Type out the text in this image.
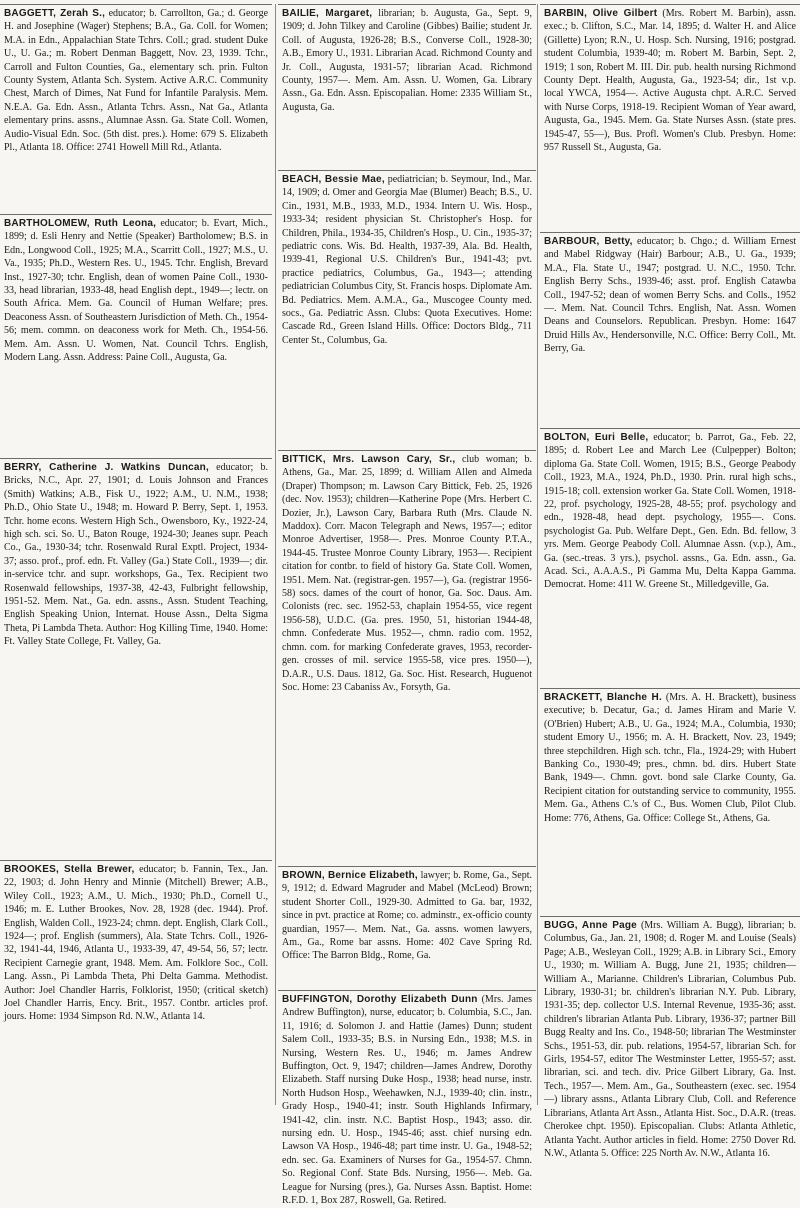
BAGGETT, Zerah S., educator; b. Carrollton, Ga.; d. George H. and Josephine (Wager) Stephens; B.A., Ga. Coll. for Women; M.A. in Edn., Appalachian State Tchrs. Coll.; grad. student Duke U., U. Ga.; m. Robert Denman Baggett, Nov. 23, 1939. Tchr., Carroll and Fulton Counties, Ga., elementary sch. prin. Fulton County System, Atlanta Sch. System. Active A.R.C. Community Chest, March of Dimes, Nat Fund for Infantile Paralysis. Mem. N.E.A. Ga. Edn. Assn., Atlanta Tchrs. Assn., Nat Ga., Atlanta elementary prins. assns., Alumnae Assn. Ga. State Coll. Women, Audio-Visual Edn. Soc. (5th dist. pres.). Home: 679 S. Elizabeth Pl., Atlanta 18. Office: 2741 Howell Mill Rd., Atlanta.

BARTHOLOMEW, Ruth Leona, educator; b. Evart, Mich., 1899; d. Esli Henry and Nettie (Speaker) Bartholomew; B.S. in Edn., Longwood Coll., 1925; M.A., Scarritt Coll., 1927; M.S., U. Va., 1935; Ph.D., Western Res. U., 1945. Tchr. English, Brevard Inst., 1927-30; tchr. English, dean of women Paine Coll., 1930-33, head librarian, 1933-48, head English dept., 1949—; lectr. on South Africa. Mem. Ga. Council of Human Welfare; pres. Deaconess Assn. of Southeastern Jurisdiction of Meth. Ch., 1954-56; mem. commn. on deaconess work for Meth. Ch., 1954-56. Mem. Am. Assn. U. Women, Nat. Council Tchrs. English, Modern Lang. Assn. Address: Paine Coll., Augusta, Ga.

BERRY, Catherine J. Watkins Duncan, educator; b. Bricks, N.C., Apr. 27, 1901; d. Louis Johnson and Frances (Smith) Watkins; A.B., Fisk U., 1922; A.M., U. N.M., 1938; Ph.D., Ohio State U., 1948; m. Howard P. Berry, Sept. 1, 1953. Tchr. home econs. Western High Sch., Owensboro, Ky., 1922-24, high sch. sci. So. U., Baton Rouge, 1924-30; Jeanes supr. Peach Co., Ga., 1930-34; tchr. Rosenwald Rural Exptl. Project, 1934-37; asso. prof., prof. edn. Ft. Valley (Ga.) State Coll., 1939—; dir. in-service tchr. and supr. workshops, Ga., Tex. Recipient two Rosenwald fellowships, 1937-38, 42-43, Fulbright fellowship, 1951-52. Mem. Nat., Ga. edn. assns., Assn. Student Teaching, English Speaking Union, Internat. House Assn., Delta Sigma Theta, Pi Lambda Theta. Author: Hog Killing Time, 1940. Home: Ft. Valley State College, Ft. Valley, Ga.

BROOKES, Stella Brewer, educator; b. Fannin, Tex., Jan. 22, 1903; d. John Henry and Minnie (Mitchell) Brewer; A.B., Wiley Coll., 1923; A.M., U. Mich., 1930; Ph.D., Cornell U., 1946; m. E. Luther Brookes, Nov. 28, 1928 (dec. 1944). Prof. English, Walden Coll., 1923-24; chmn. dept. English, Clark Coll., 1924—; prof. English (summers), Ala. State Tchrs. Coll., 1926-32, 1941-44, 1946, Atlanta U., 1933-39, 47, 49-54, 56, 57; lectr. Recipient Carnegie grant, 1948. Mem. Am. Folklore Soc., Coll. Lang. Assn., Pi Lambda Theta, Phi Delta Gamma. Methodist. Author: Joel Chandler Harris, Folklorist, 1950; (critical sketch) Joel Chandler Harris, Ency. Brit., 1957. Contbr. articles prof. jours. Home: 1934 Simpson Rd. N.W., Atlanta 14.

BAILIE, Margaret, librarian; b. Augusta, Ga., Sept. 9, 1909; d. John Tilkey and Caroline (Gibbes) Bailie; student Jr. Coll. of Augusta, 1926-28; B.S., Converse Coll., 1928-30; A.B., Emory U., 1931. Librarian Acad. Richmond County and Jr. Coll., Augusta, 1931-57; librarian Acad. Richmond County, 1957—. Mem. Am. Assn. U. Women, Ga. Library Assn., Ga. Edn. Assn. Episcopalian. Home: 2335 William St., Augusta, Ga.

BEACH, Bessie Mae, pediatrician; b. Seymour, Ind., Mar. 14, 1909; d. Omer and Georgia Mae (Blumer) Beach; B.S., U. Cin., 1931, M.B., 1933, M.D., 1934. Intern U. Wis. Hosp., 1933-34; resident physician St. Christopher's Hosp. for Children, Phila., 1934-35, Children's Hosp., U. Cin., 1935-37; pediatric cons. Wis. Bd. Health, 1937-39, Ala. Bd. Health, 1939-41, Regional U.S. Children's Bur., 1941-43; pvt. practice pediatrics, Columbus, Ga., 1943—; attending pediatrician Columbus City, St. Francis hosps. Diplomate Am. Bd. Pediatrics. Mem. A.M.A., Ga., Muscogee County med. socs., Ga. Pediatric Assn. Clubs: Quota Executives. Home: Cascade Rd., Green Island Hills. Office: Doctors Bldg., 711 Center St., Columbus, Ga.

BITTICK, Mrs. Lawson Cary, Sr., club woman; b. Athens, Ga., Mar. 25, 1899; d. William Allen and Almeda (Draper) Thompson; m. Lawson Cary Bittick, Feb. 25, 1926 (dec. Nov. 1953); children—Katherine Pope (Mrs. Herbert C. Dozier, Jr.), Lawson Cary, Barbara Ruth (Mrs. Claude N. Maddox). Corr. Macon Telegraph and News, 1957—; editor Monroe Advertiser, 1958—. Pres. Monroe County P.T.A., 1944-45. Trustee Monroe County Library, 1953—. Recipient citation for contbr. to field of history Ga. State Coll. Women, 1951. Mem. Nat. (registrar-gen. 1957—), Ga. (registrar 1956-58) socs. dames of the court of honor, Ga. Soc. Daus. Am. Colonists (rec. sec. 1952-53, chaplain 1954-55, vice regent 1956-58), U.D.C. (Ga. pres. 1950, 51, historian 1944-48, chmn. Confederate Mus. 1952—, chmn. radio com. 1952, chmn. com. for marking Confederate graves, 1953, recorder-gen. crosses of mil. service 1955-58, vice pres. 1950—), D.A.R., U.S. Daus. 1812, Ga. Soc. Hist. Research, Huguenot Soc. Home: 23 Cabaniss Av., Forsyth, Ga.

BROWN, Bernice Elizabeth, lawyer; b. Rome, Ga., Sept. 9, 1912; d. Edward Magruder and Mabel (McLeod) Brown; student Shorter Coll., 1929-30. Admitted to Ga. bar, 1932, since in pvt. practice at Rome; co. adminstr., ex-officio county guardian, 1957—. Mem. Nat., Ga. assns. women lawyers, Am., Ga., Rome bar assns. Home: 402 Cave Spring Rd. Office: The Barron Bldg., Rome, Ga.

BUFFINGTON, Dorothy Elizabeth Dunn (Mrs. James Andrew Buffington), nurse, educator; b. Columbia, S.C., Jan. 11, 1916; d. Solomon J. and Hattie (James) Dunn; student Salem Coll., 1933-35; B.S. in Nursing Edn., 1938; M.S. in Nursing, Western Res. U., 1946; m. James Andrew Buffington, Oct. 9, 1947; children—James Andrew, Dorothy Elizabeth. Staff nursing Duke Hosp., 1938; head nurse, instr. North Hudson Hosp., Weehawken, N.J., 1939-40; clin. instr., Grady Hosp., 1940-41; instr. South Highlands Infirmary, 1941-42, clin. instr. N.C. Baptist Hosp., 1943; asso. dir. nursing edn. U. Hosp., 1945-46; asst. chief nursing edn. Lawson VA Hosp., 1946-48; part time instr. U. Ga., 1948-52; edn. sec. Ga. Examiners of Nurses for Ga., 1954-57. Chmn. So. Regional Conf. State Bds. Nursing, 1956—. Meb. Ga. League for Nursing (pres.), Ga. Nurses Assn. Baptist. Home: R.F.D. 1, Box 287, Roswell, Ga. Retired.

BARBIN, Olive Gilbert (Mrs. Robert M. Barbin), assn. exec.; b. Clifton, S.C., Mar. 14, 1895; d. Walter H. and Alice (Gillette) Lyon; R.N., U. Hosp. Sch. Nursing, 1916; postgrad. student Columbia, 1939-40; m. Robert M. Barbin, Sept. 2, 1919; 1 son, Robert M. III. Dir. pub. health nursing Richmond County Dept. Health, Augusta, Ga., 1923-54; dir., 1st v.p. local YWCA, 1954—. Active Augusta chpt. A.R.C. Served with Nurse Corps, 1918-19. Recipient Woman of Year award, Augusta, Ga., 1945. Mem. Ga. State Nurses Assn. (state pres. 1945-47, 55—), Bus. Profl. Women's Club. Presbyn. Home: 957 Russell St., Augusta, Ga.

BARBOUR, Betty, educator; b. Chgo.; d. William Ernest and Mabel Ridgway (Hair) Barbour; A.B., U. Ga., 1939; M.A., Fla. State U., 1947; postgrad. U. N.C., 1950. Tchr. English Berry Schs., 1939-46; asst. prof. English Catawba Coll., 1947-52; dean of women Berry Schs. and Colls., 1952—. Mem. Nat. Council Tchrs. English, Nat. Assn. Women Deans and Counselors. Republican. Presbyn. Home: 1647 Druid Hills Av., Hendersonville, N.C. Office: Berry Coll., Mt. Berry, Ga.

BOLTON, Euri Belle, educator; b. Parrot, Ga., Feb. 22, 1895; d. Robert Lee and March Lee (Culpepper) Bolton; diploma Ga. State Coll. Women, 1915; B.S., George Peabody Coll., 1923, M.A., 1924, Ph.D., 1930. Prin. rural high schs., 1915-18; coll. extension worker Ga. State Coll. Women, 1918-22, prof. psychology, 1925-28, 48-55; prof. psychology and edn., 1928-48, head dept. psychology, 1955—. Cons. psychologist Ga. Pub. Welfare Dept., Gen. Edn. Bd. fellow, 3 yrs. Mem. George Peabody Coll. Alumnae Assn. (v.p.), Am., Ga. (sec.-treas. 3 yrs.), psychol. assns., Ga. Edn. assn., Ga. Acad. Sci., A.A.A.S., Pi Gamma Mu, Delta Kappa Gamma. Democrat. Home: 411 W. Greene St., Milledgeville, Ga.

BRACKETT, Blanche H. (Mrs. A. H. Brackett), business executive; b. Decatur, Ga.; d. James Hiram and Marie V. (O'Brien) Hubert; A.B., U. Ga., 1924; M.A., Columbia, 1930; student Emory U., 1956; m. A. H. Brackett, Nov. 23, 1949; three stepchildren. High sch. tchr., Fla., 1924-29; with Hubert Banking Co., 1930-49; pres., chmn. bd. dirs. Hubert State Bank, 1949—. Chmn. govt. bond sale Clarke County, Ga. Recipient citation for outstanding service to community, 1955. Mem. Ga., Athens C.'s of C., Bus. Women Club, Pilot Club. Home: 776, Athens, Ga. Office: College St., Athens, Ga.

BUGG, Anne Page (Mrs. William A. Bugg), librarian; b. Columbus, Ga., Jan. 21, 1908; d. Roger M. and Louise (Seals) Page; A.B., Wesleyan Coll., 1929; A.B. in Library Sci., Emory U., 1930; m. William A. Bugg, June 21, 1935; children—William A., Marianne. Children's Librarian, Columbus Pub. Library, 1930-31; br. children's librarian N.Y. Pub. Library, 1931-35; dep. collector U.S. Internal Revenue, 1935-36; asst. children's librarian Atlanta Pub. Library, 1936-37; partner Bill Bugg Realty and Ins. Co., 1948-50; librarian The Westminster Schs., 1951-53, dir. pub. relations, 1954-57, librarian Sch. for Girls, 1954-57, editor The Westminster Letter, 1955-57; asst. librarian, sci. and tech. div. Price Gilbert Library, Ga. Inst. Tech., 1957—. Mem. Am., Ga., Southeastern (exec. sec. 1954—) library assns., Atlanta Library Club, Coll. and Reference Librarians, Atlanta Art Assn., Atlanta Hist. Soc., D.A.R. (treas. Cherokee chpt. 1950). Episcopalian. Clubs: Atlanta Athletic, Atlanta Yacht. Author articles in field. Home: 2750 Dover Rd. N.W., Atlanta 5. Office: 225 North Av. N.W., Atlanta 16.
